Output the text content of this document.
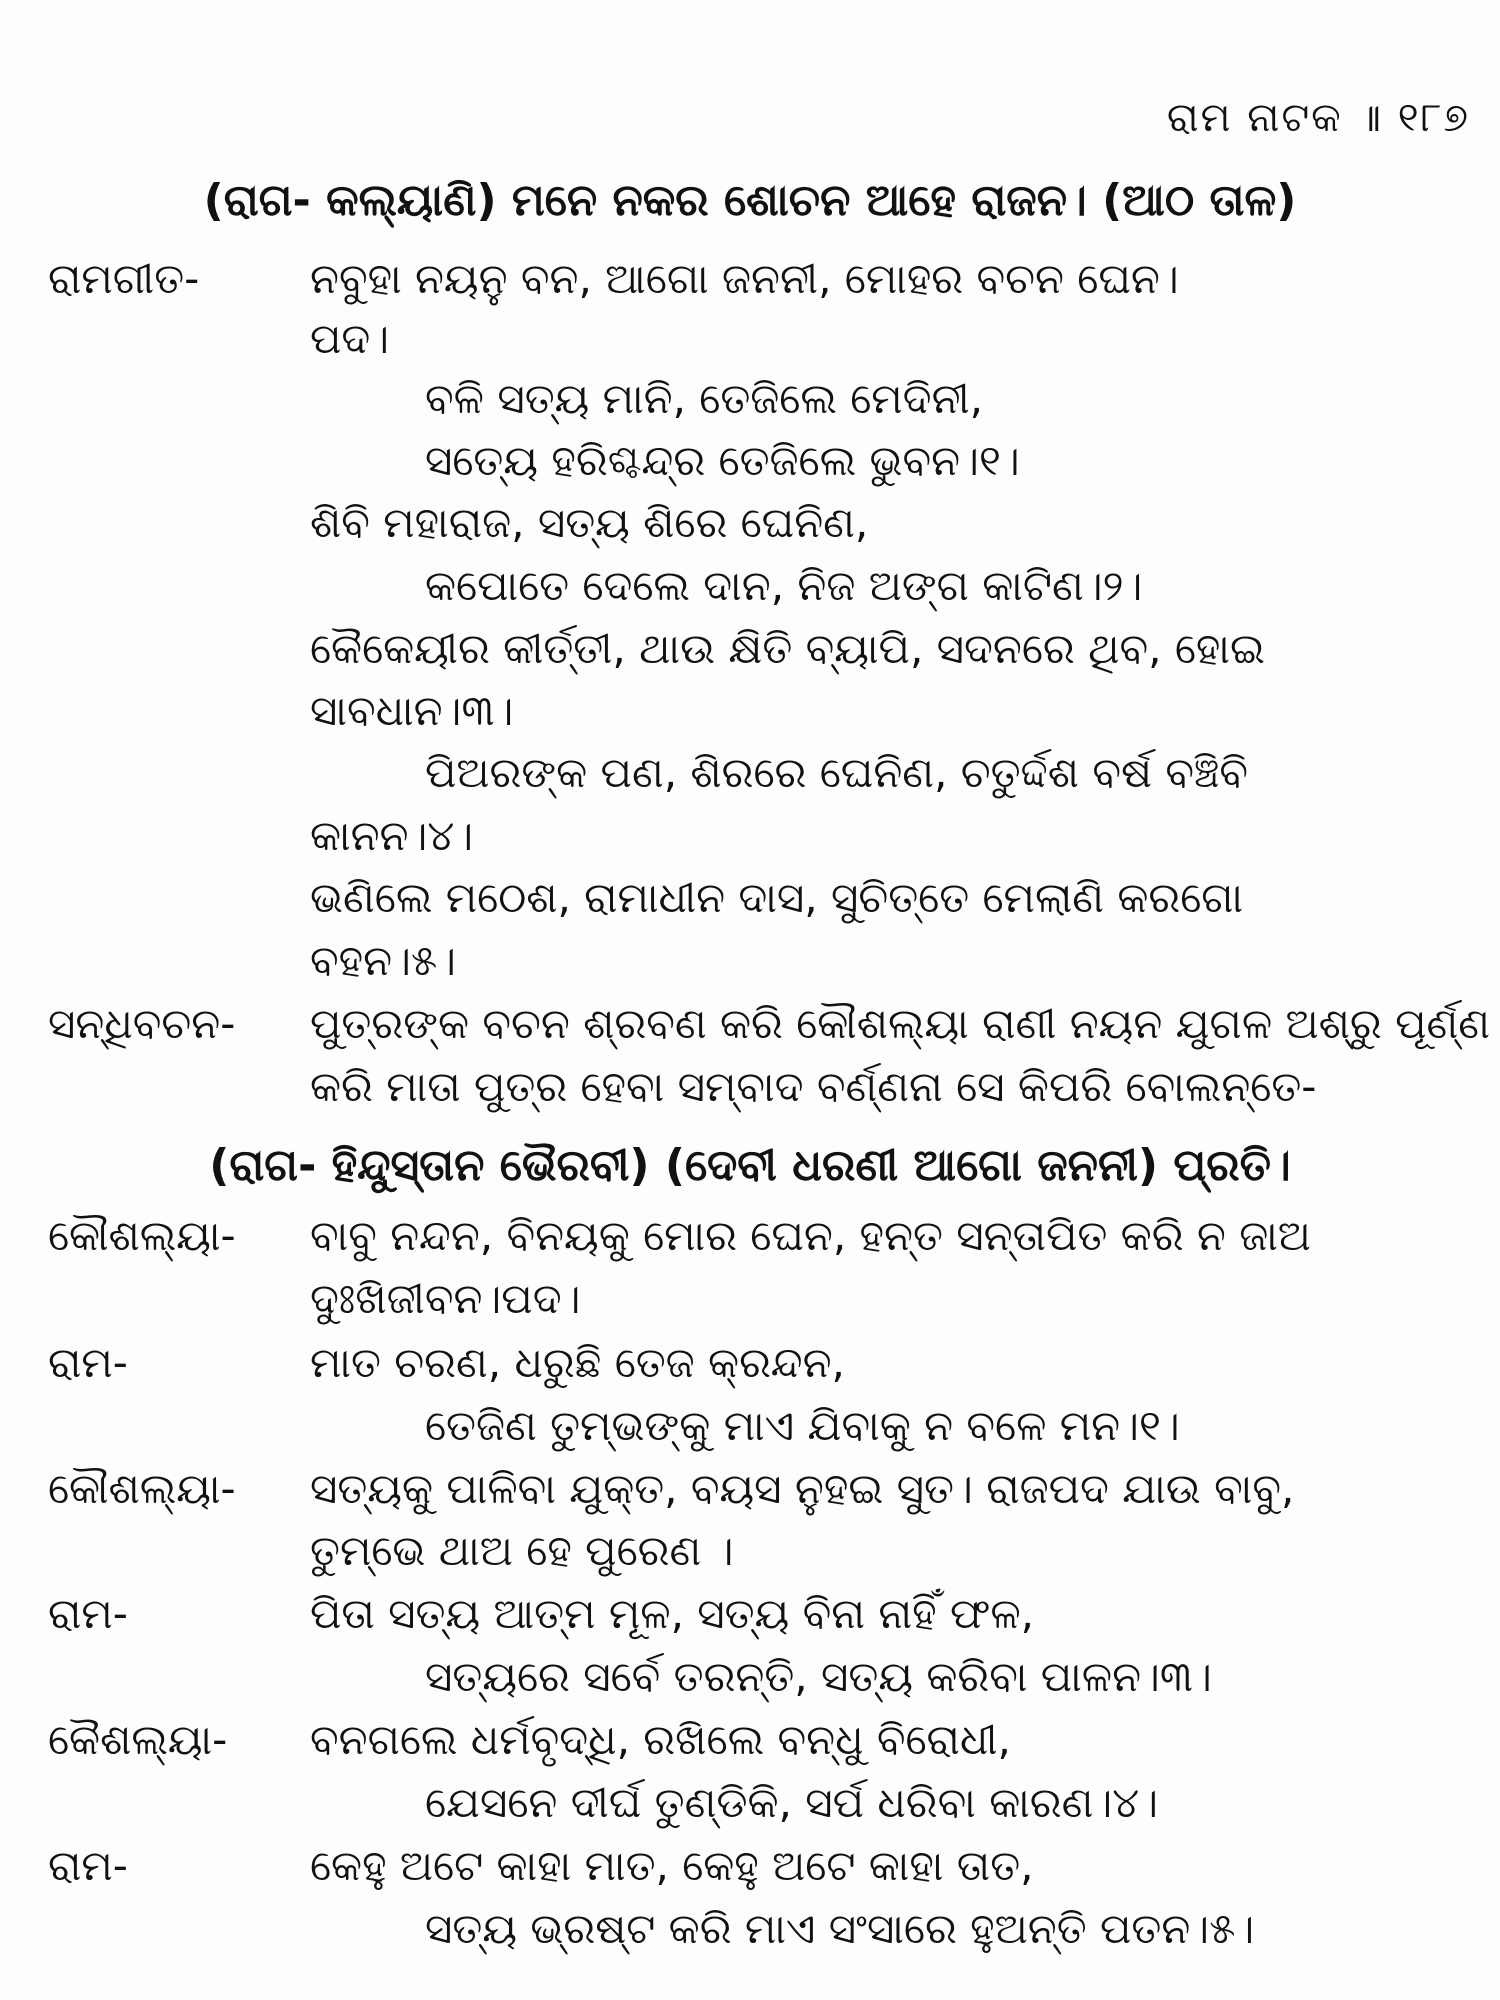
ରାମ ନାଟକ ॥ ୧୮୭
(ରାଗ- କଲ୍ୟାଣି) ମନେ ନକର ଶୋଚନ ଆହେ ରାଜନ। (ଆଠ ତାଳ)
ରାମଗୀତ-	ନବୁହା ନୟନୁ ବନ, ଆଗୋ ଜନନୀ, ମୋହର ବଚନ ଘେନ।
ପଦ।
ବଳି ସତ୍ୟ ମାନି, ତେଜିଲେ ମେଦିନୀ,
ସତ୍ୟେ ହରିଶ୍ଚନ୍ଦ୍ର ତେଜିଲେ ଭୁବନ।୧।
ଶିବି ମହାରାଜ, ସତ୍ୟ ଶିରେ ଘେନିଣ,
କପୋତେ ଦେଲେ ଦାନ, ନିଜ ଅଙ୍ଗ କାଟିଣ।୨।
କୈକେୟୀର କୀର୍ତ୍ତୀ, ଥାଉ କ୍ଷିତି ବ୍ୟାପି, ସଦନରେ ଥିବ, ହୋଇ
ସାବଧାନ।୩।
ପିଅରଙ୍କ ପଣ, ଶିରରେ ଘେନିଣ, ଚତୁର୍ଦ୍ଦଶ ବର୍ଷ ବଞ୍ଚିବି
କାନନ।୪।
ଭଣିଲେ ମଠେଶ, ରାମାଧୀନ ଦାସ, ସୁଚିତ୍ତେ ମେଲାଣି କରଗୋ
ବହନ।୫।
ସନ୍ଧିବଚନ- ପୁତ୍ରଙ୍କ ବଚନ ଶ୍ରବଣ କରି କୌଶଲ୍ୟା ରାଣୀ ନୟନ ଯୁଗଳ ଅଶ୍ରୁ ପୂର୍ଣ୍ଣ
କରି ମାତା ପୁତ୍ର ହେବା ସମ୍ବାଦ ବର୍ଣ୍ଣନା ସେ କିପରି ବୋଲନ୍ତେ-
(ରାଗ- ହିନ୍ଦୁସ୍ତାନ ଭୈରବୀ) (ଦେବୀ ଧରଣୀ ଆଗୋ ଜନନୀ) ପ୍ରତି।
କୌଶଲ୍ୟା- ବାବୁ ନନ୍ଦନ, ବିନୟକୁ ମୋର ଘେନ, ହନ୍ତ ସନ୍ତାପିତ କରି ନ ଜାଅ
ଦୁଃଖିଜୀବନ।ପଦ।
ରାମ-	ମାତ ଚରଣ, ଧରୁଛି ତେଜ କ୍ରନ୍ଦନ,
ତେଜିଣ ତୁମ୍ଭଙ୍କୁ ମାଏ ଯିବାକୁ ନ ବଳେ ମନ।୧।
କୌଶଲ୍ୟା- ସତ୍ୟକୁ ପାଳିବା ଯୁକ୍ତ, ବୟସ ନୁହଇ ସୁତ। ରାଜପଦ ଯାଉ ବାବୁ,
ତୁମ୍ଭେ ଥାଅ ହେ ପୁରେଣ ।
ରାମ-	ପିତା ସତ୍ୟ ଆତ୍ମ ମୂଳ, ସତ୍ୟ ବିନା ନାହିଁ ଫଳ,
ସତ୍ୟରେ ସର୍ବେ ତରନ୍ତି, ସତ୍ୟ କରିବା ପାଳନ।୩।
କୈଶଲ୍ୟା- ବନଗଲେ ଧର୍ମବୃଦ୍ଧି, ରଖିଲେ ବନ୍ଧୁ ବିରୋଧୀ,
ଯେସନେ ଦୀର୍ଘ ତୁଣ୍ଡିକି, ସର୍ପ ଧରିବା କାରଣ।୪।
ରାମ-	କେହୁ ଅଟେ କାହା ମାତ, କେହୁ ଅଟେ କାହା ତାତ,
ସତ୍ୟ ଭ୍ରଷ୍ଟ କରି ମାଏ ସଂସାରେ ହୁଅନ୍ତି ପତନ।୫।
